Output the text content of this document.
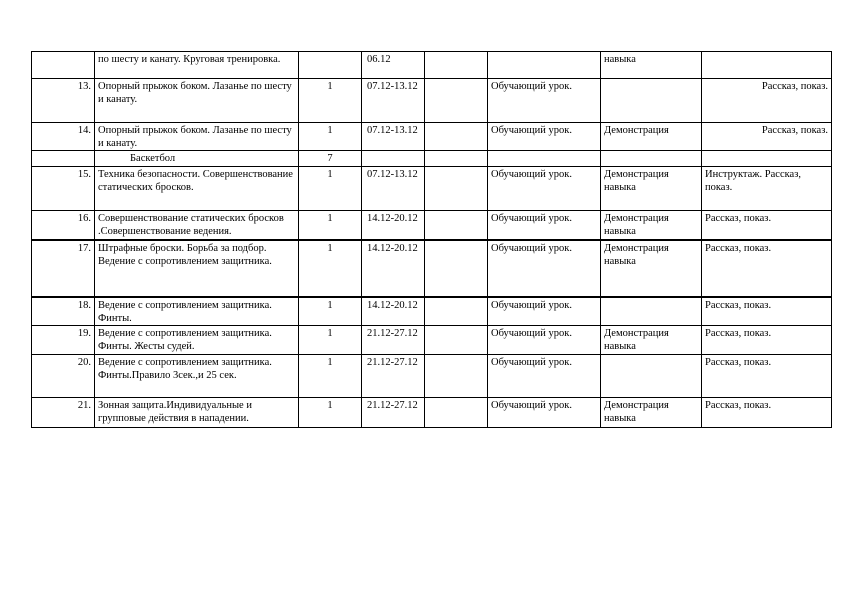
	по шесту и канату. Круговая тренировка.		06.12			навыка	
13.	Опорный прыжок боком. Лазанье по шесту и канату.	1	07.12-13.12		Обучающий урок.		Рассказ, показ.
14.	Опорный прыжок боком. Лазанье по шесту и канату.	1	07.12-13.12		Обучающий урок.	Демонстрация	Рассказ, показ.
	Баскетбол	7					
15.	Техника безопасности. Совершенствование статических бросков.	1	07.12-13.12		Обучающий урок.	Демонстрация навыка	Инструктаж. Рассказ, показ.
16.	Совершенствование статических бросков .Совершенствование ведения.	1	14.12-20.12		Обучающий урок.	Демонстрация навыка	Рассказ, показ.
17.	Штрафные броски. Борьба за подбор. Ведение с сопротивлением защитника.	1	14.12-20.12		Обучающий урок.	Демонстрация навыка	Рассказ, показ.
18.	Ведение с сопротивлением защитника. Финты.	1	14.12-20.12		Обучающий урок.		Рассказ, показ.
19.	Ведение с сопротивлением защитника. Финты. Жесты судей.	1	21.12-27.12		Обучающий урок.	Демонстрация навыка	Рассказ, показ.
20.	Ведение с сопротивлением защитника. Финты.Правило 3сек.,и 25 сек.	1	21.12-27.12		Обучающий урок.		Рассказ, показ.
21.	Зонная защита.Индивидуальные и групповые действия в нападении.	1	21.12-27.12		Обучающий урок.	Демонстрация навыка	Рассказ, показ.
